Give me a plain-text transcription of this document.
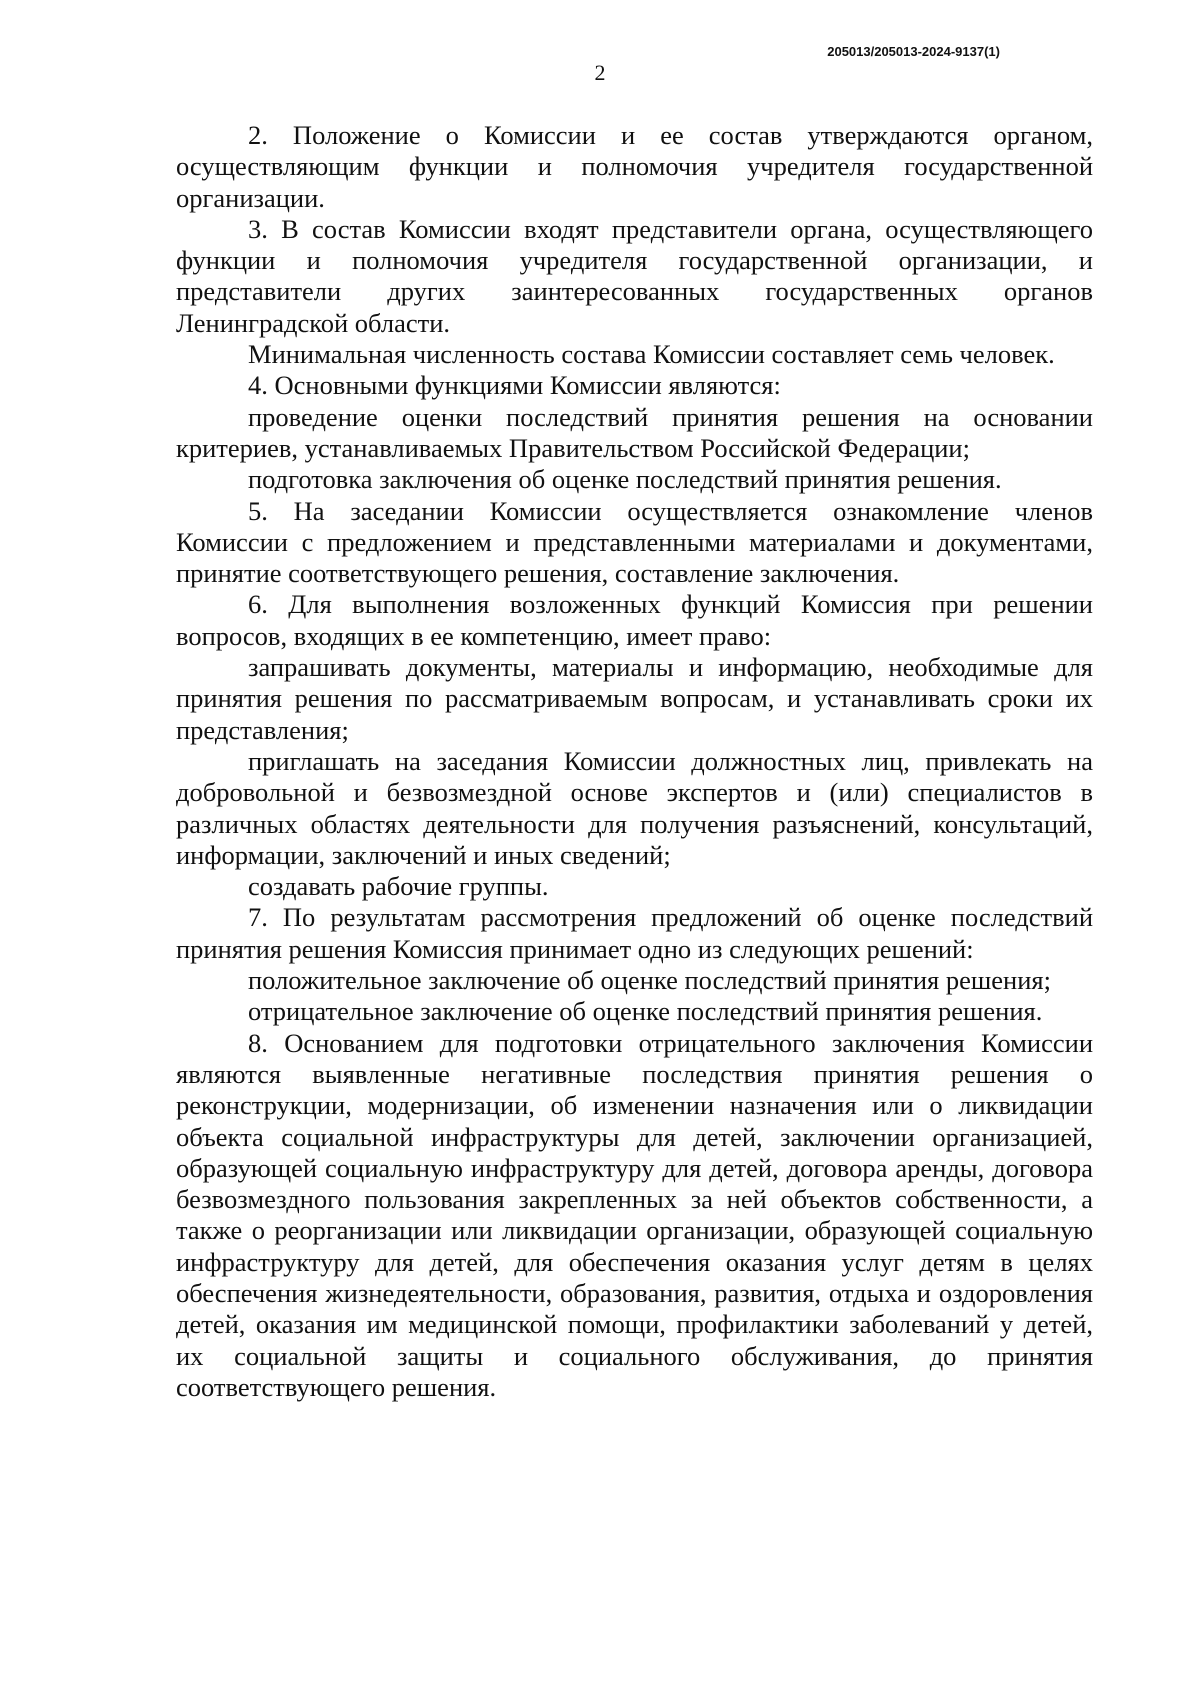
205013/205013-2024-9137(1)
2

2. Положение о Комиссии и ее состав утверждаются органом, осуществляющим функции и полномочия учредителя государственной организации.

3. В состав Комиссии входят представители органа, осуществляющего функции и полномочия учредителя государственной организации, и представители других заинтересованных государственных органов Ленинградской области.

Минимальная численность состава Комиссии составляет семь человек.

4. Основными функциями Комиссии являются:

проведение оценки последствий принятия решения на основании критериев, устанавливаемых Правительством Российской Федерации;

подготовка заключения об оценке последствий принятия решения.

5. На заседании Комиссии осуществляется ознакомление членов Комиссии с предложением и представленными материалами и документами, принятие соответствующего решения, составление заключения.

6. Для выполнения возложенных функций Комиссия при решении вопросов, входящих в ее компетенцию, имеет право:

запрашивать документы, материалы и информацию, необходимые для принятия решения по рассматриваемым вопросам, и устанавливать сроки их представления;

приглашать на заседания Комиссии должностных лиц, привлекать на добровольной и безвозмездной основе экспертов и (или) специалистов в различных областях деятельности для получения разъяснений, консультаций, информации, заключений и иных сведений;

создавать рабочие группы.

7. По результатам рассмотрения предложений об оценке последствий принятия решения Комиссия принимает одно из следующих решений:

положительное заключение об оценке последствий принятия решения;

отрицательное заключение об оценке последствий принятия решения.

8. Основанием для подготовки отрицательного заключения Комиссии являются выявленные негативные последствия принятия решения о реконструкции, модернизации, об изменении назначения или о ликвидации объекта социальной инфраструктуры для детей, заключении организацией, образующей социальную инфраструктуру для детей, договора аренды, договора безвозмездного пользования закрепленных за ней объектов собственности, а также о реорганизации или ликвидации организации, образующей социальную инфраструктуру для детей, для обеспечения оказания услуг детям в целях обеспечения жизнедеятельности, образования, развития, отдыха и оздоровления детей, оказания им медицинской помощи, профилактики заболеваний у детей, их социальной защиты и социального обслуживания, до принятия соответствующего решения.
